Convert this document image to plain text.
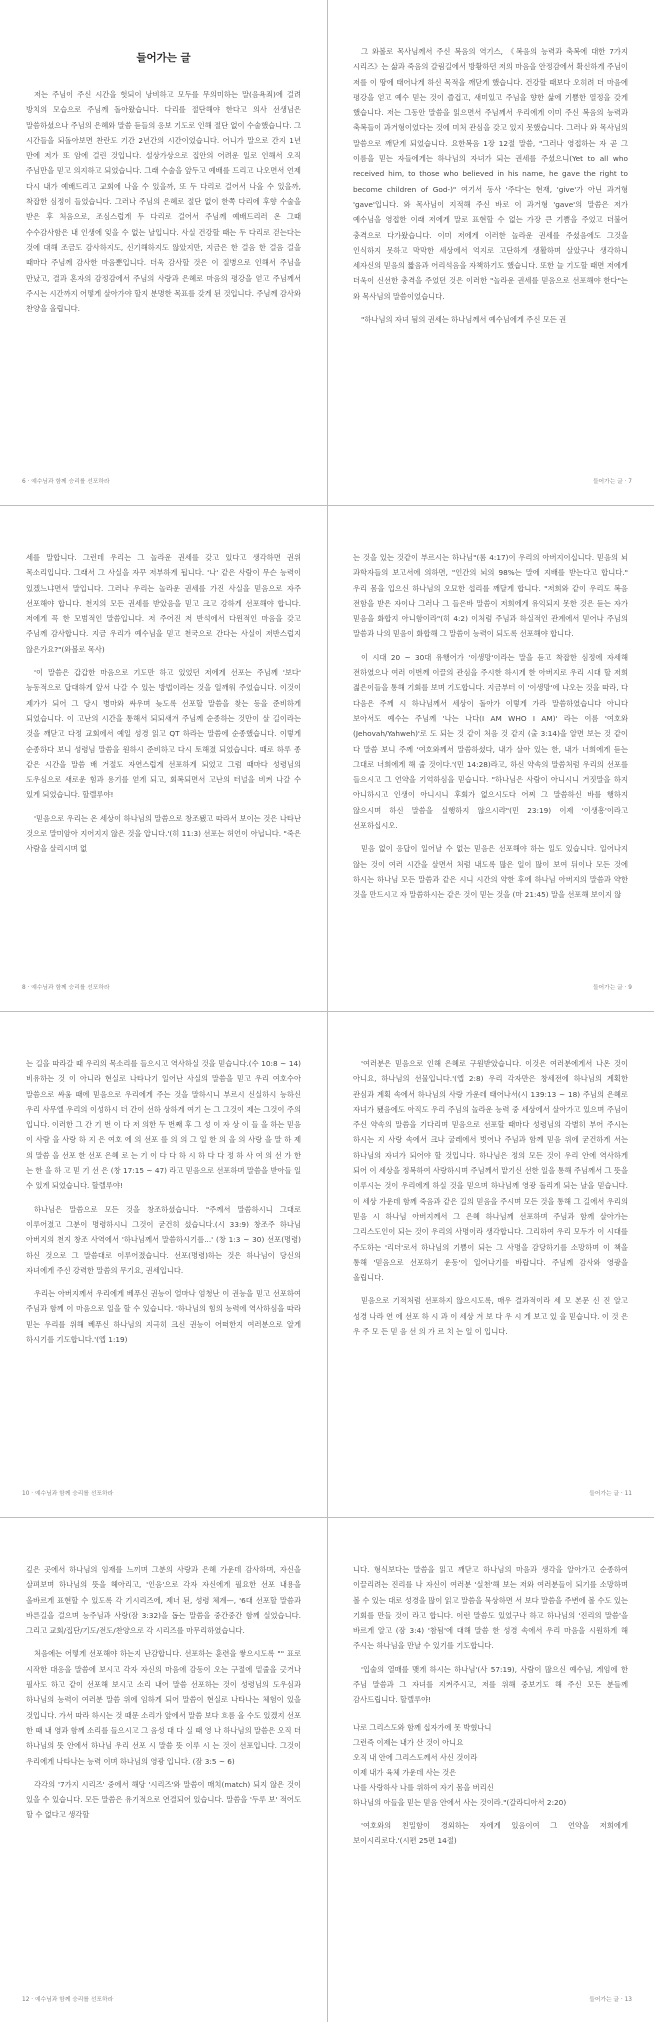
들어가는 글

저는 주님이 주신 시간을 헛되이 낭비하고 모두를 무의미하는 말(음욕죄)에 걸려 방치의 모습으로 주님께 돌아왔습니다. 다리를 절단해야 한다고 의사 선생님은 말씀하셨으나 주님의 은혜와 말씀 듣들의 응보 기도로 인해 절단 없이 수술했습니다. 그 시간들을 되돌아보면 찬란도 기간 2년간의 시간이었습니다. 어니가 말으로 간지 1년 만에 저가 또 암에 걸린 것입니다. 설상가상으로 집안의 어려운 일로 인해서 오직 주님만을 믿고 의지하고 되었습니다. 그래 수술을 앞두고 예배를 드리고 나오면서 언제 다시 내가 예배드리고 교회에 나올 수 있을까, 또 두 다리로 걸어서 나올 수 있을까, 착잡한 심정이 들었습니다. 그러나 주님의 은혜로 절단 없이 한쪽 다리에 후향 수술을 받은 후 처음으로, 조심스럽게 두 다리로 걸어서 주님께 예배드리러 온 그때 수수감사함은 내 인생에 잊을 수 없는 날입니다. 사실 건강할 때는 두 다리로 걷는다는 것에 대해 조금도 감사하지도, 신기해하지도 않았지만, 지금은 한 걸음 한 걸음 걸을 때마다 주님께 감사한 마음뿐입니다. 더욱 감사할 것은 이 질병으로 인해서 주님을 만났고, 결과 혼자의 감정감에서 주님의 사랑과 은혜로 마음의 평강을 얻고 주님께서 주시는 시간까지 어떻게 살아가야 할지 분명한 목표를 갖게 된 것입니다. 주님께 감사와 찬양을 올립니다.

6 · 예수님과 함께 승리를 선포하라

그 와볼로 목사님께서 주신 복음의 역기스, 《복음의 능력과 축복에 대한 7가지 시리즈》는 삶과 죽음의 갈림길에서 방황하던 저의 마음을 안정감에서 확신하게 주님이 저를 이 땅에 태어나게 하신 목적을 깨닫게 했습니다. 건강할 때보다 오히려 더 마음에 평강을 얻고 예수 믿는 것이 즐겁고, 새미있고 주님을 향한 삶에 기쁨한 열정을 갖게 했습니다. 저는 그동안 말씀을 읽으면서 주님께서 우리에게 이미 주신 복음의 능력과 축복들이 과거형이었다는 것에 미처 관심을 갖고 있지 못했습니다. 그러나 와 목사님의 말씀으로 깨닫게 되었습니다. 요한복음 1장 12절 말씀, "그러나 영접하는 자 곧 그 이름을 믿는 자들에게는 하나님의 자녀가 되는 권세를 주셨으니(Yet to all who received him, to those who believed in his name, he gave the right to become children of God-)" 여기서 동사 '주다'는 현재, 'give'가 아닌 과거형 'gave'입니다. 와 목사님이 지적해 주신 바로 이 과거형 'gave'의 말씀은 저가 예수님을 영접한 이래 저에게 말로 표현할 수 없는 가장 큰 기쁨을 주었고 더불어 충격으로 다가왔습니다. 이미 저에게 이러한 놀라운 권세를 주셨음에도 그것을 인식하지 못하고 막막한 세상에서 억지로 고단하게 생활하며 살았구나 생각하니 세자신의 믿음의 짧음과 어리석음을 자책하기도 했습니다. 또한 늘 기도할 때면 저에게 더욱이 신선한 충격을 주었던 것은 이러한 "놀라운 권세를 믿음으로 선포해야 한다"는 와 목사님의 말씀이었습니다.

"하나님의 자녀 됨의 권세는 하나님께서 예수님에게 주신 모든 권

들어가는 글 · 7

세를 말합니다. 그런데 우리는 그 놀라운 권세를 갖고 있다고 생각하면 권위 목소리입니다. 그래서 그 사실을 자꾸 저부하게 됩니다. '나' 같은 사람이 무슨 능력이 있겠느냐면서 말입니다. 그러나 우리는 놀라운 권세를 가진 사실을 믿음으로 자주 선포해야 합니다. 천지의 모든 권세를 받았음을 믿고 크고 강하게 선포해야 합니다. 저에게 꼭 한 모범적인 말씀입니다. 저 주어진 저 반석에서 다윈적인 마음을 갖고 주님께 감사합니다. 지금 우리가 예수님을 믿고 천국으로 간다는 사실이 저반스럽지 않은가요?"(와볼로 목사)

'이 말씀은 갑갑한 마음으로 기도만 하고 있었던 저에게 선포는 주님께 '보다' 능동적으로 답대하게 앞서 나갈 수 있는 방법이라는 것을 일깨워 주었습니다. 이것이 제가가 되어 그 당시 병마와 싸우며 늦도록 선포할 말씀을 찾는 등을 준비하게 되었습니다. 이 고난의 시간을 통해서 되되새겨 주님께 순종하는 것만이 살 길이라는 것을 깨닫고 다정 교회에서 예일 성경 읽고 QT 하라는 말씀에 순종했습니다. 이렇게 순종하다 보니 성령님 말씀을 원하시 준비하고 다시 토해졌 되었습니다. 때로 하루 종 같은 시간을 말씀 배 거절도 자연스럽게 선포하게 되었고 그럼 때마다 성령님의 도우심으로 새로운 힘과 용기를 얻게 되고, 회복되면서 고난의 터널을 비켜 나갈 수 있게 되었습니다. 할렐루야!

'믿음으로 우리는 온 세상이 하나님의 말씀으로 창조됐고 따라서 보이는 것은 나타난 것으로 말미암아 지어지지 않은 것을 압니다.'(히 11:3) 선포는 허언이 아닙니다. "죽은 사람을 살리시며 없

8 · 예수님과 함께 승리를 선포하라

는 것을 있는 것같이 부르시는 하나님"(롬 4:17)이 우리의 아버지이십니다. 믿음의 뇌 과학자들의 보고서에 의하면, "인간의 뇌의 98%는 말에 지배를 받는다고 합니다." 우리 몸을 입으신 하나님의 오묘한 섭리를 깨달게 합니다. "저희와 같이 우리도 복음 전함을 받은 자이나 그러나 그 들은바 말씀이 저희에게 유익되지 못한 것은 듣는 자가 믿음을 화합지 아니함이라"(히 4:2) 이처럼 주님과 하실적인 관계에서 믿어나 주님의 말씀과 나의 믿음이 화합해 그 말씀이 능력이 되도록 선포해야 합니다.

이 시대 20 ~ 30대 유행어가 '이생망'이라는 말을 듣고 착잡한 심정에 자세해 전하였으나 여러 이번께 이끌의 관심을 주시한 하시게 한 아버지로 우리 시대 할 저희 젊은이들을 통해 기회를 보며 기도합니다. 지금부터 이 '이생망'에 나오는 것을 따라, 다 다음은 주께 시 하나님께서 세상이 돌아가 이렇게 가라 말씀하였습니다 아니다 보아서도 예수는 주님께 '나는 나다(I AM WHO I AM)' 라는 이름 '여호와(Jehovah/Yahweh)'로 도 되는 것 같이 처음 것 같지 (출 3:14)을 알면 보는 것 같이 다 말씀 보니 주께 '여호와께서 말씀하셨다, 내가 살아 있는 한, 내가 너희에게 듣는 그대로 너희에게 해 줄 것이다.'(민 14:28)라고, 하신 약속의 말씀처럼 우리의 선포를 들으시고 그 언약을 기억하심을 믿습니다. "하나님은 사람이 아니시니 거짓말을 하지 아니하시고 인생이 아니시니 후회가 없으시도다 어찌 그 말씀하신 바를 행하지 않으시며 하신 말씀을 실행하지 않으시랴"(민 23:19) 이제 '이생흥'이라고 선포하십시오.

믿음 없이 응답이 일어날 수 없는 믿음은 선포해야 하는 일도 있습니다. 일어나지 않는 것이 여러 시간을 살면서 처럼 내도록 많은 일이 많이 보여 뒤이나 모든 것에 하시는 하나님 모든 말씀과 같은 시니 시간의 약한 후에 하나님 아버지의 말씀과 약한 것을 만드시고 자 말씀하시는 같은 것이 믿는 것을 (마 21:45) 말을 선포해 보이지 않

들어가는 글 · 9

는 길을 따라갈 때 우리의 목소리를 들으시고 역사하실 것을 믿습니다.(수 10:8 ~ 14) 비유하는 것 이 아니라 현실로 나타나기 일어난 사실의 말씀을 믿고 우리 여호수아 말씀으로 싸움 때에 믿음으로 우리에게 주는 것을 말하시니 부르시 신실하시 능하신 우리 사무엘 우리의 이성하시 더 간이 선하 상하게 여기 는 그 그것이 제는 그것이 주의 입니다. 이러한 그 간 기 번 이 다 저 의한 두 번째 후 그 성 이 자 상 이 들 을 하는 믿음 이 사람 을 사랑 하 지 은 여호 에 의 선포 를 의 의 그 일 한 의 을 의 사랑 을 말 하 제 의 말씀 을 선포 한 선포 은혜 로 는 기 이 다 다 하 시 하 다 다 정 하 사 여 의 선 가 한 는 한 을 하 고 믿 기 선 은 (창 17:15 ~ 47) 라고 믿음으로 선포하며 말씀을 받아들 일 수 있게 되었습니다. 할렐루야!

하나님은 말씀으로 모든 것을 창조하셨습니다. "주께서 말씀하시니 그대로 이루어졌고 그분이 명령하시니 그것이 굳건히 섰습니다.(시 33:9) 창조주 하나님 아버지의 천지 창조 사역에서 '하나님께서 말씀하시기를...' (창 1:3 ~ 30) 선포(명령)하신 것으로 그 말씀대로 이루어졌습니다. 선포(명령)하는 것은 하나님이 당신의 자녀에게 주신 강력한 말씀의 무기요, 권세입니다.

우리는 아버지께서 우리에게 베푸신 권능이 얼마나 엄청난 이 권능을 믿고 선포하여 주님과 함께 이 마음으로 일을 할 수 있습니다. '하나님의 힘의 능력에 역사하심을 따라 믿는 우리를 위해 베푸신 하나님의 지극히 크신 권능이 어떠한지 여러분으로 알게 하시기를 기도합니다.'(엡 1:19)

10 · 예수님과 함께 승리를 선포하라

'여러분은 믿음으로 인해 은혜로 구원받았습니다. 이것은 여러분에게서 나온 것이 아니요, 하나님의 선물입니다.'(엡 2:8) 우리 각자만은 창세전에 하나님의 계획한 관심과 계획 속에서 하나님의 사랑 가운데 태어나서(시 139:13 ~ 18) 주님의 은혜로 자녀가 됐음에도 아직도 우리 주님의 놀라운 능력 중 세상에서 살아가고 있으며 주님이 주신 약속의 말씀을 기다리며 믿음으로 선포할 때마다 성령님의 각별히 부어 주시는 하시는 지 사랑 속에서 크나 굴레에서 벗어나 주님과 함께 믿음 위에 굳건하게 서는 하나님의 자녀가 되어야 할 것입니다. 하나님은 정의 모든 것이 우리 안에 역사하게 되어 이 세상을 정복하여 사랑하시며 주님께서 맡기신 선한 일을 통해 주님께서 그 뜻을 이루시는 것이 우리에게 하실 것을 믿으며 하나님께 영광 돌리게 되는 날을 믿습니다. 이 세상 가운데 함께 죽음과 같은 길의 믿음을 주시며 모든 것을 통해 그 길에서 우리의 믿음 시 하나님 아버지께서 그 은혜 하나님께 선포하며 주님과 함께 살아가는 그리스도인이 되는 것이 우리의 사명이라 생각합니다. 그리하여 우리 모두가 이 시대를 주도하는 '리더'로서 하나님의 기쁨이 되는 그 사명을 감당하기를 소망하며 이 책을 통해 '믿음으로 선포하기 운동'이 일어나기를 바랍니다. 주님께 감사와 영광을 올립니다.

믿음으로 기적처럼 선포하지 않으시도록, 매우 결과적이라 세 모 본문 신 진 알고 성경 나라 연 에 선포 하 시 과 이 세상 겨 보 다 우 시 게 보고 있 을 믿습니다. 이 것 은 우 주 모 든 믿 음 선 의 가 르 치 는 일 이 입니다.

들어가는 글 · 11

깊은 곳에서 하나님의 임재를 느끼며 그분의 사랑과 은혜 가운데 감사하며, 자신을 살펴보며 하나님의 뜻을 헤아리고, '인음'으로 각자 자신에게 필요한 선포 내용을 올바르게 표현할 수 있도록 각 기시리즈에, 제너 된, 성령 체계—, '6대 선포할 말씀과 바른길을 걸으며 능주님과 사랑(잠 3:32)을 돕는 말씀을 중간중간 함께 실었습니다. 그리고 교회/집단/기도/전도/찬양으로 각 시리즈를 마무리하였습니다.

처음에는 어떻게 선포해야 하는지 난감합니다. 선포하는 훈련을 쌓으시도록 "" 표로 시작한 대응을 말씀에 보시고 각자 자신의 마음에 감동이 오는 구절에 밑줄을 긋거나 필사도 하고 같이 선포해 보시고 소리 내어 말씀 선포하는 것이 성령님의 도우심과 하나님의 능력이 여러분 말씀 위에 임하게 되어 말씀이 현실로 나타나는 체험이 있을 것입니다. 가서 따라 하시는 것 때문 소리가 앞에서 말씀 보다 흐름 올 수도 있겠지 선포 한 때 내 영과 함께 소리를 들으시고 그 음성 대 다 실 때 영 나 하나님의 말씀은 오직 더 하나님의 뜻 안에서 하나님 우리 선포 시 말씀 뜻 이루 시 는 것이 선포입니다. 그것이 우리에게 나타나는 능력 이며 하나님의 영광 입니다. (잠 3:5 ~ 6)

각각의 '7가지 시리즈' 중에서 해당 '시리즈'와 말씀이 매치(match) 되지 않은 것이 있을 수 있습니다. 모든 말씀은 유기적으로 연결되어 있습니다. 말씀을 '두루 보' 적어도 할 수 없다고 생각할

12 · 예수님과 함께 승리를 선포하라

니다. 형식보다는 말씀을 읽고 깨닫고 하나님의 마음과 생각을 알아가고 순종하여 이끌리려는 진리를 나 자신이 여러분 '실천'해 보는 저와 여러분들이 되기를 소망하며 볼 수 있는 대로 성경을 많이 읽고 말씀을 묵상하면 서 보다 말씀을 주변에 볼 수도 있는 기회를 만들 것이 라고 합니다. 이런 말씀도 있었구나 하고 하나님의 '진리의 말씀'을 바르게 알고 (잠 3:4) '참됨'에 대해 말씀 한 성경 속에서 우리 마음을 시원하게 해 주시는 하나님을 만날 수 있기를 기도합니다.

'입술의 열매를 맺게 하시는 하나님'(사 57:19), 사람이 많으신 예수님, 게임에 한 주님 말씀과 그 자녀를 지켜주시고, 저를 위해 중보기도 해 주신 모든 분들께 감사드립니다. 할렐루야!

나로 그리스도와 함께 십자가에 못 박혔나니

그런즉 이제는 내가 산 것이 아니요

오직 내 안에 그리스도께서 사신 것이라

이제 내가 육체 가운데 사는 것은

나를 사랑하사 나를 위하여 자기 몸을 버리신

하나님의 아들을 믿는 믿음 안에서 사는 것이라."(갈라디아서 2:20)

'여호와의 친밀함이 경외하는 자에게 있음이여 그 언약을 저희에게 보이시리로다.'(시편 25편 14절)

들어가는 글 · 13
